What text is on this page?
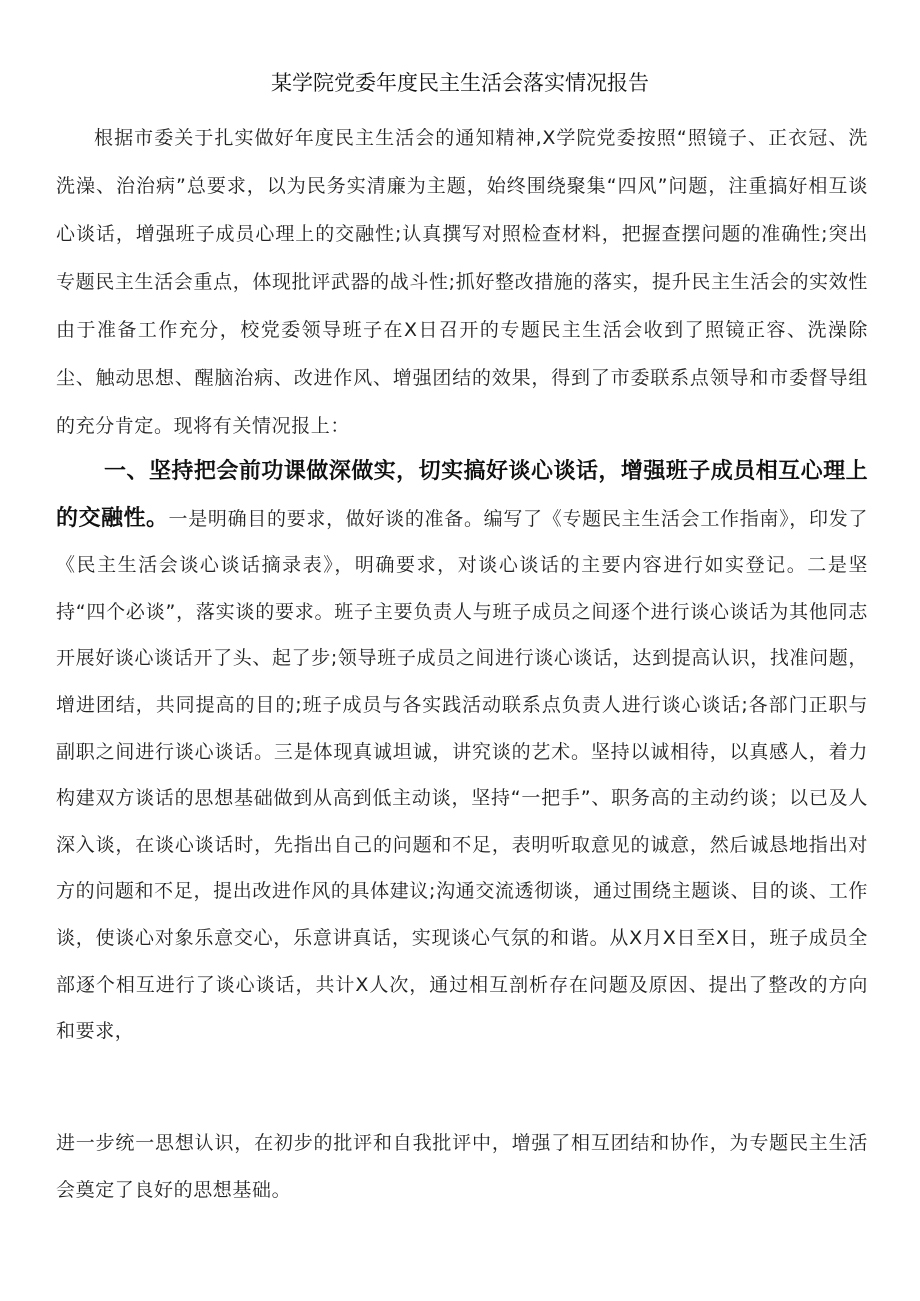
某学院党委年度民主生活会落实情况报告

根据市委关于扎实做好年度民主生活会的通知精神,X学院党委按照“照镜子、正衣冠、洗洗澡、治治病”总要求，以为民务实清廉为主题，始终围绕聚集“四风”问题，注重搞好相互谈心谈话，增强班子成员心理上的交融性;认真撰写对照检查材料，把握查摆问题的准确性;突出专题民主生活会重点，体现批评武器的战斗性;抓好整改措施的落实，提升民主生活会的实效性由于准备工作充分，校党委领导班子在X日召开的专题民主生活会收到了照镜正容、洗澡除尘、触动思想、醒脑治病、改进作风、增强团结的效果，得到了市委联系点领导和市委督导组的充分肯定。现将有关情况报上：

一、坚持把会前功课做深做实，切实搞好谈心谈话，增强班子成员相互心理上的交融性。一是明确目的要求，做好谈的准备。编写了《专题民主生活会工作指南》，印发了《民主生活会谈心谈话摘录表》，明确要求，对谈心谈话的主要内容进行如实登记。二是坚持“四个必谈”，落实谈的要求。班子主要负责人与班子成员之间逐个进行谈心谈话为其他同志开展好谈心谈话开了头、起了步;领导班子成员之间进行谈心谈话，达到提高认识，找准问题，增进团结，共同提高的目的;班子成员与各实践活动联系点负责人进行谈心谈话;各部门正职与副职之间进行谈心谈话。三是体现真诚坦诚，讲究谈的艺术。坚持以诚相待，以真感人，着力构建双方谈话的思想基础做到从高到低主动谈，坚持“一把手”、职务高的主动约谈；以已及人深入谈，在谈心谈话时，先指出自己的问题和不足，表明听取意见的诚意，然后诚恳地指出对方的问题和不足，提出改进作风的具体建议;沟通交流透彻谈，通过围绕主题谈、目的谈、工作谈，使谈心对象乐意交心，乐意讲真话，实现谈心气氛的和谐。从X月X日至X日，班子成员全部逐个相互进行了谈心谈话，共计X人次，通过相互剖析存在问题及原因、提出了整改的方向和要求，

进一步统一思想认识，在初步的批评和自我批评中，增强了相互团结和协作，为专题民主生活会奠定了良好的思想基础。
